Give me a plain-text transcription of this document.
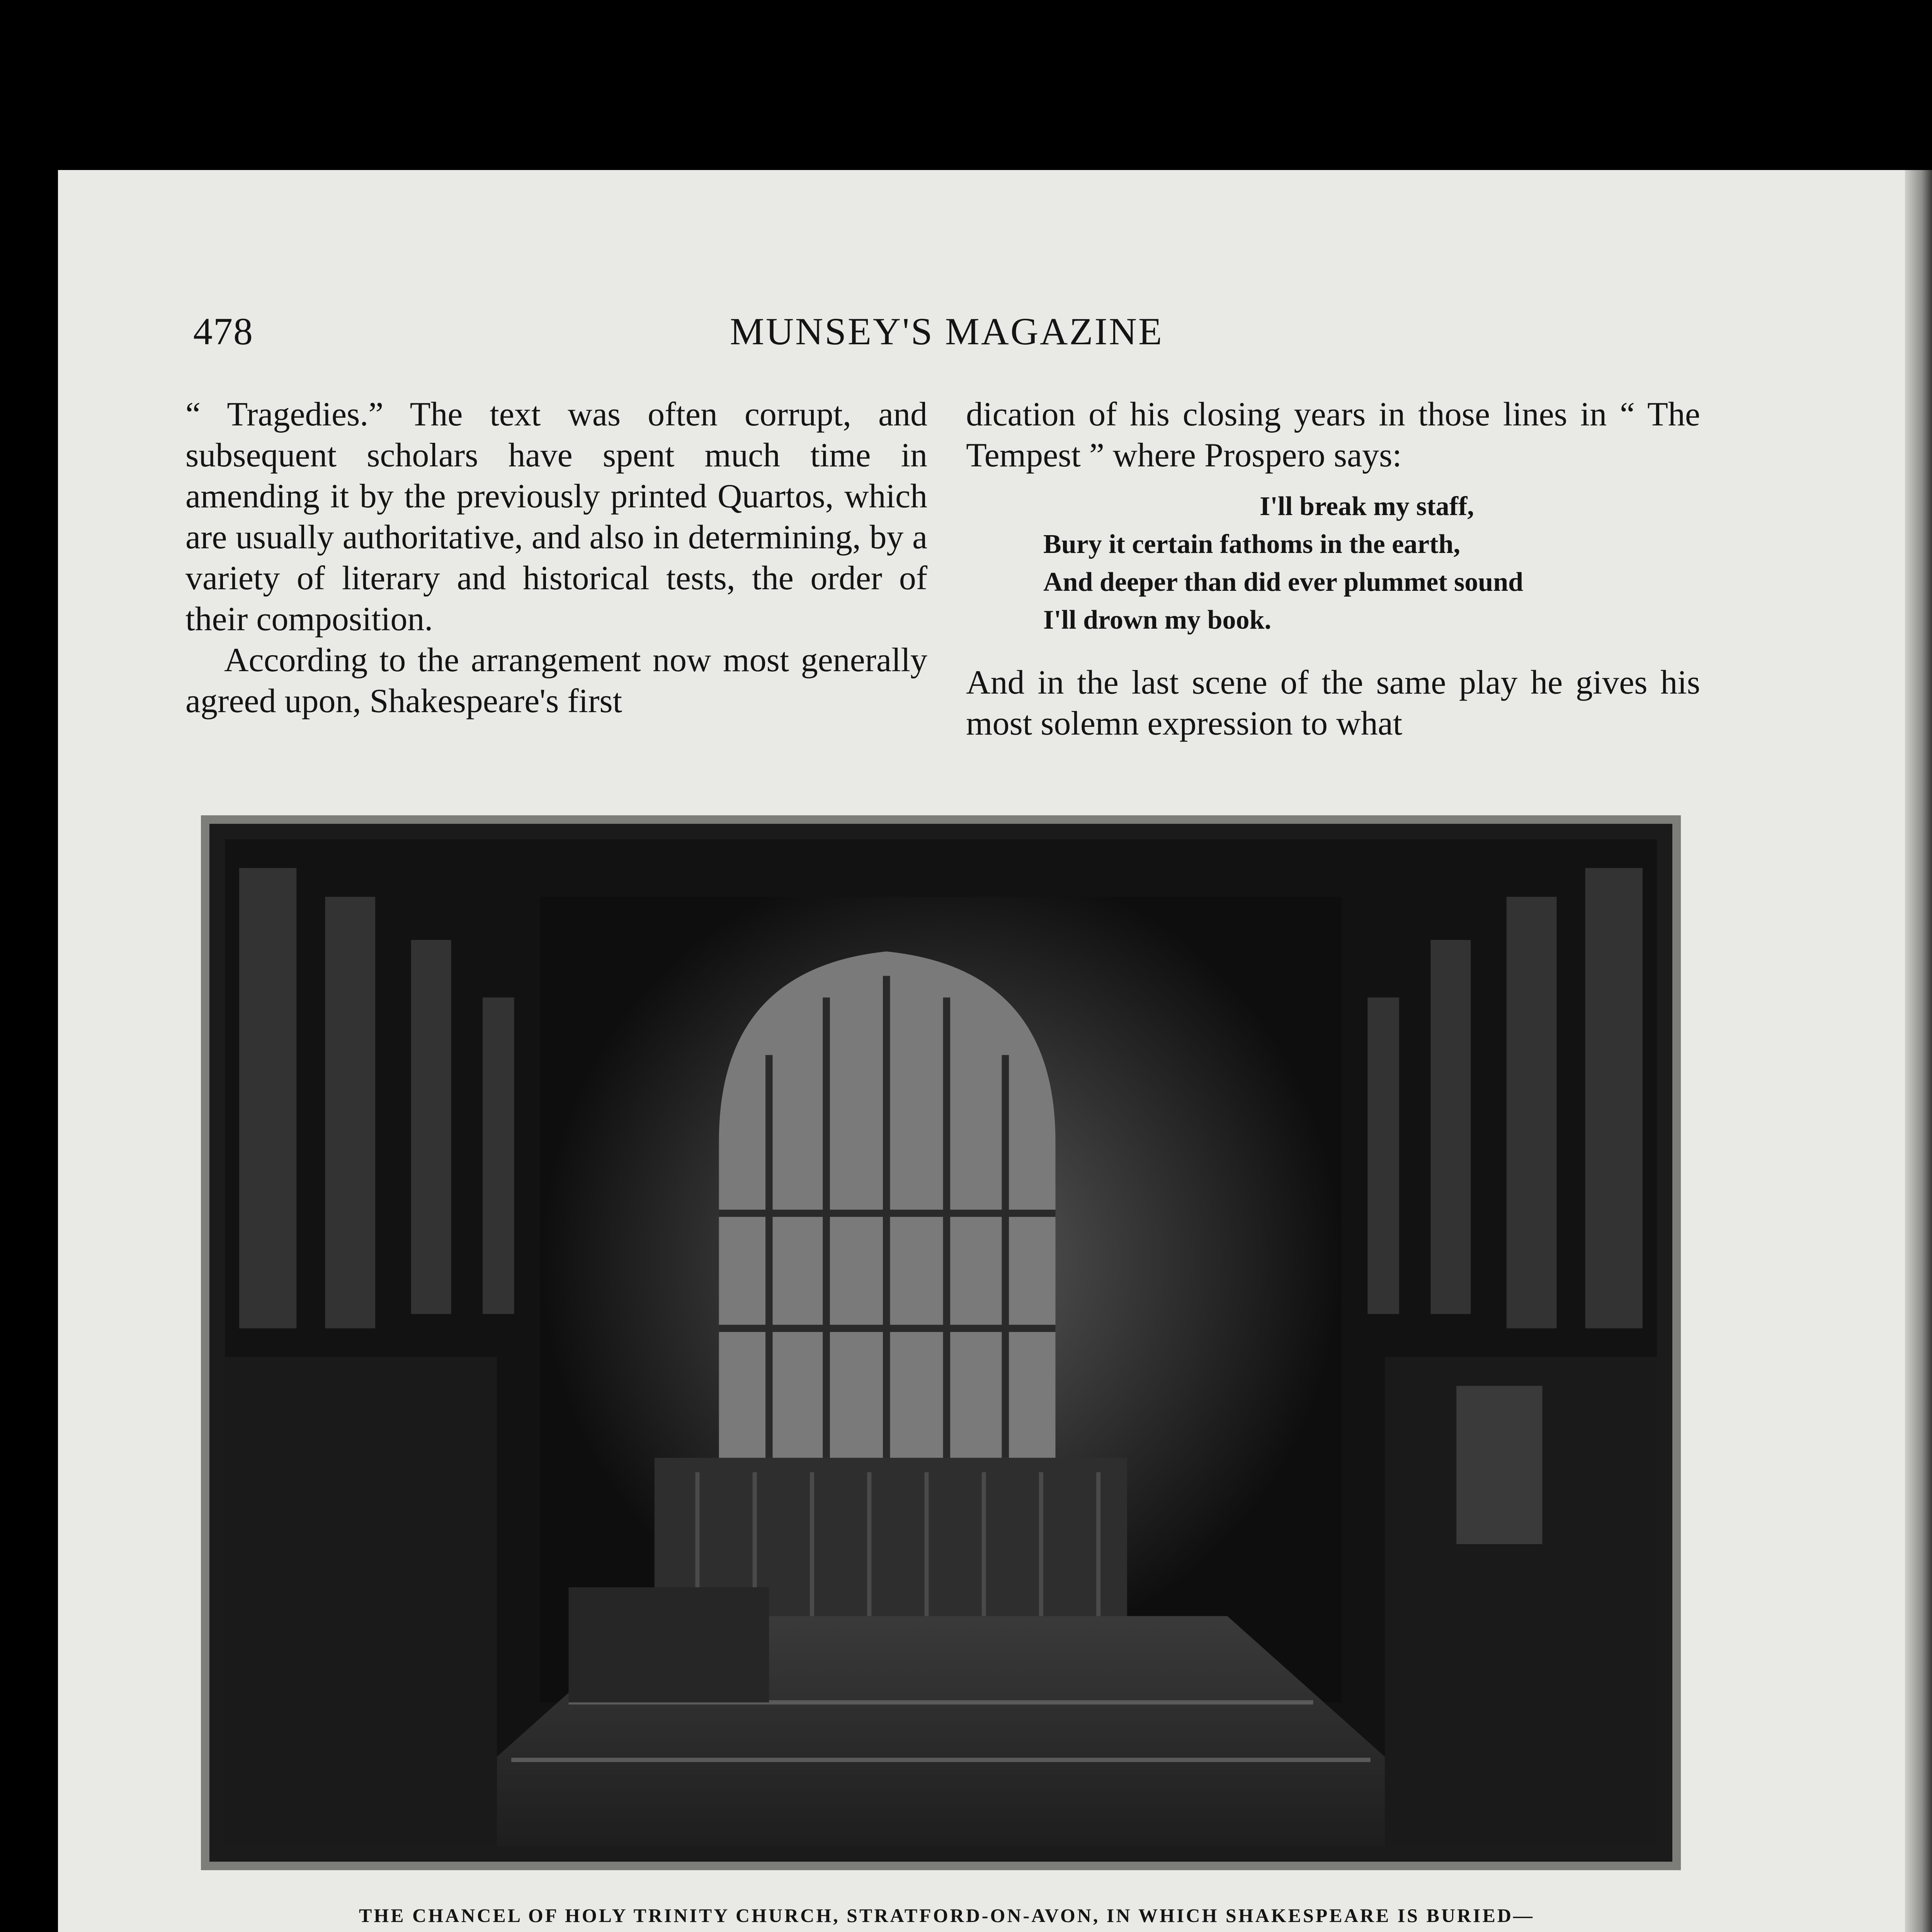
478	MUNSEY'S MAGAZINE

“ Tragedies.” The text was often corrupt, and subsequent scholars have spent much time in amending it by the previously printed Quartos, which are usually authoritative, and also in determining, by a variety of literary and historical tests, the order of their composition.

According to the arrangement now most generally agreed upon, Shakespeare's first

dication of his closing years in those lines in “ The Tempest ” where Prospero says:

I'll break my staff,
Bury it certain fathoms in the earth,
And deeper than did ever plummet sound
I'll drown my book.

And in the last scene of the same play he gives his most solemn expression to what

THE CHANCEL OF HOLY TRINITY CHURCH, STRATFORD-ON-AVON, IN WHICH SHAKESPEARE IS BURIED—
